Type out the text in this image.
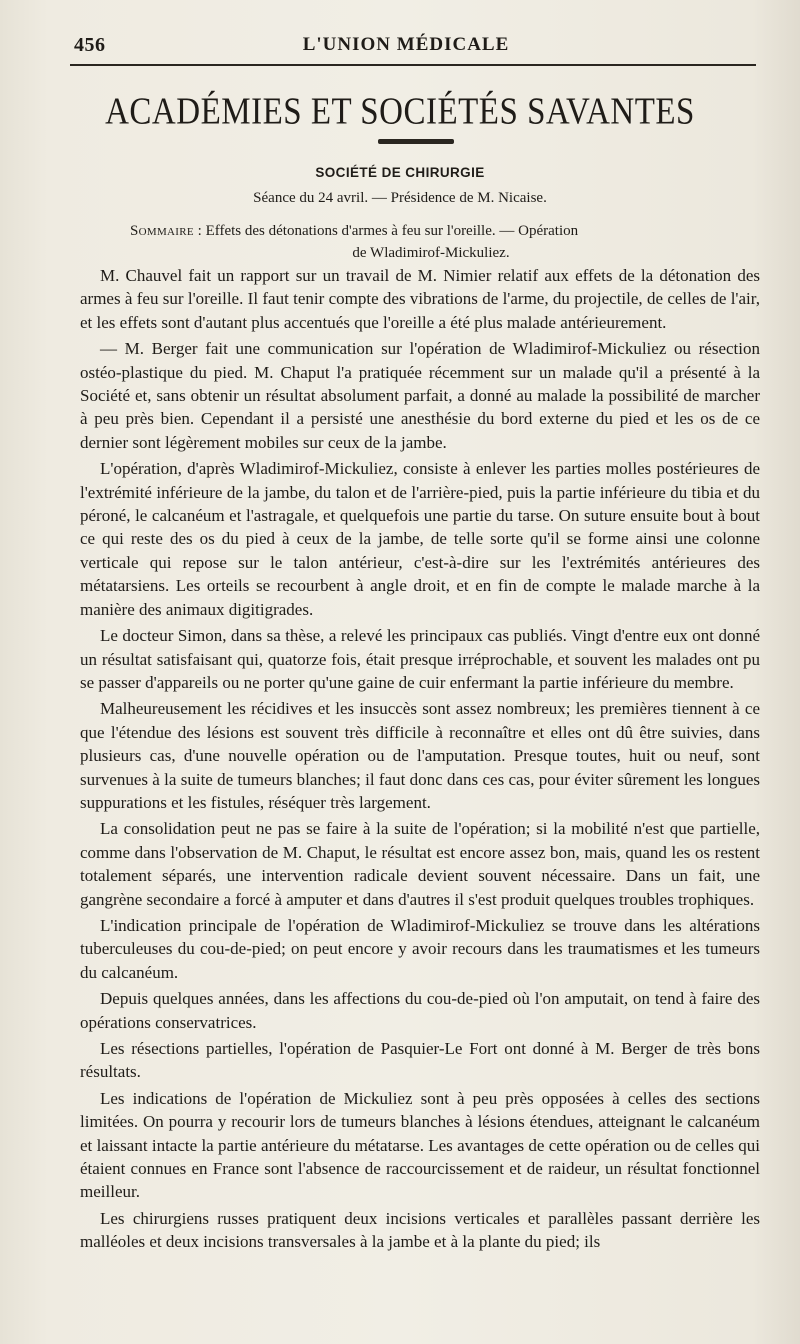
456	L'UNION MÉDICALE
ACADÉMIES ET SOCIÉTÉS SAVANTES
SOCIÉTÉ DE CHIRURGIE
Séance du 24 avril. — Présidence de M. Nicaise.
Sommaire : Effets des détonations d'armes à feu sur l'oreille. — Opération
de Wladimirof-Mickuliez.

M. Chauvel fait un rapport sur un travail de M. Nimier relatif aux effets de la détonation des armes à feu sur l'oreille. Il faut tenir compte des vibrations de l'arme, du projectile, de celles de l'air, et les effets sont d'autant plus accentués que l'oreille a été plus malade antérieurement.

— M. Berger fait une communication sur l'opération de Wladimirof-Mickuliez ou résection ostéo-plastique du pied. M. Chaput l'a pratiquée récemment sur un malade qu'il a présenté à la Société et, sans obtenir un résultat absolument parfait, a donné au malade la possibilité de marcher à peu près bien. Cependant il a persisté une anesthésie du bord externe du pied et les os de ce dernier sont légèrement mobiles sur ceux de la jambe.

L'opération, d'après Wladimirof-Mickuliez, consiste à enlever les parties molles postérieures de l'extrémité inférieure de la jambe, du talon et de l'arrière-pied, puis la partie inférieure du tibia et du péroné, le calcanéum et l'astragale, et quelquefois une partie du tarse. On suture ensuite bout à bout ce qui reste des os du pied à ceux de la jambe, de telle sorte qu'il se forme ainsi une colonne verticale qui repose sur le talon antérieur, c'est-à-dire sur les l'extrémités antérieures des métatarsiens. Les orteils se recourbent à angle droit, et en fin de compte le malade marche à la manière des animaux digitigrades.

Le docteur Simon, dans sa thèse, a relevé les principaux cas publiés. Vingt d'entre eux ont donné un résultat satisfaisant qui, quatorze fois, était presque irréprochable, et souvent les malades ont pu se passer d'appareils ou ne porter qu'une gaine de cuir enfermant la partie inférieure du membre.

Malheureusement les récidives et les insuccès sont assez nombreux; les premières tiennent à ce que l'étendue des lésions est souvent très difficile à reconnaître et elles ont dû être suivies, dans plusieurs cas, d'une nouvelle opération ou de l'amputation. Presque toutes, huit ou neuf, sont survenues à la suite de tumeurs blanches; il faut donc dans ces cas, pour éviter sûrement les longues suppurations et les fistules, réséquer très largement.

La consolidation peut ne pas se faire à la suite de l'opération; si la mobilité n'est que partielle, comme dans l'observation de M. Chaput, le résultat est encore assez bon, mais, quand les os restent totalement séparés, une intervention radicale devient souvent nécessaire. Dans un fait, une gangrène secondaire a forcé à amputer et dans d'autres il s'est produit quelques troubles trophiques.

L'indication principale de l'opération de Wladimirof-Mickuliez se trouve dans les altérations tuberculeuses du cou-de-pied; on peut encore y avoir recours dans les traumatismes et les tumeurs du calcanéum.

Depuis quelques années, dans les affections du cou-de-pied où l'on amputait, on tend à faire des opérations conservatrices.

Les résections partielles, l'opération de Pasquier-Le Fort ont donné à M. Berger de très bons résultats.

Les indications de l'opération de Mickuliez sont à peu près opposées à celles des sections limitées. On pourra y recourir lors de tumeurs blanches à lésions étendues, atteignant le calcanéum et laissant intacte la partie antérieure du métatarse. Les avantages de cette opération ou de celles qui étaient connues en France sont l'absence de raccourcissement et de raideur, un résultat fonctionnel meilleur.

Les chirurgiens russes pratiquent deux incisions verticales et parallèles passant derrière les malléoles et deux incisions transversales à la jambe et à la plante du pied; ils
